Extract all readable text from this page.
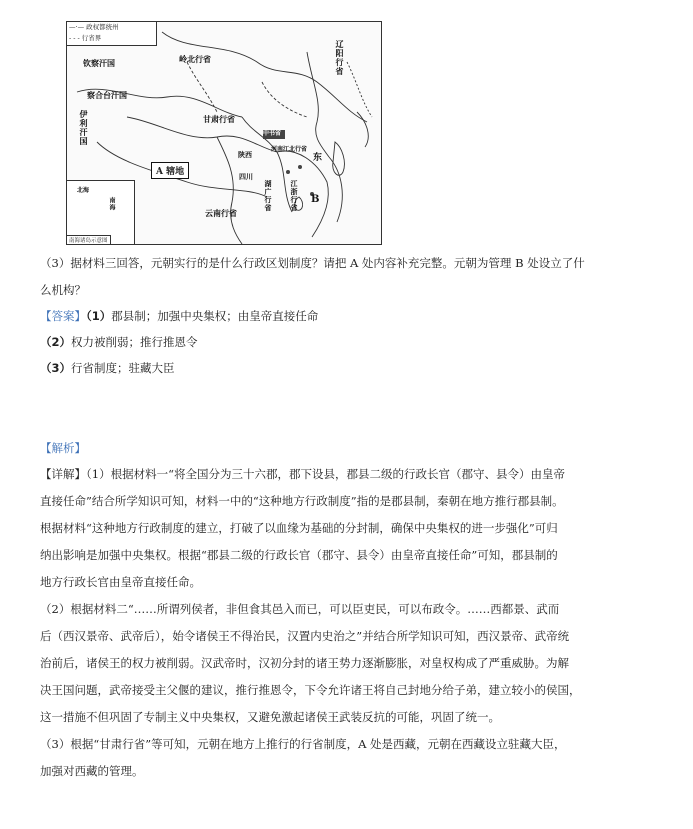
—·— 政权都统州
- - - 行省界
岭北行省
钦察汗国
察合台汗国
伊利汗国	甘肃行省
辽阳行省
中书省
陕西
四川
河南江北行省
云南行省
湖广行省 江浙行省
东
B
A 辖地
北海
南海
南海诸岛示意图
（3）据材料三回答，元朝实行的是什么行政区划制度？请把 A 处内容补充完整。元朝为管理 B 处设立了什
么机构？
【答案】（1）郡县制；加强中央集权；由皇帝直接任命
（2）权力被削弱；推行推恩令
（3）行省制度；驻藏大臣
【解析】
【详解】（1）根据材料一“将全国分为三十六郡，郡下设县，郡县二级的行政长官（郡守、县令）由皇帝
直接任命”结合所学知识可知，材料一中的“这种地方行政制度”指的是郡县制，秦朝在地方推行郡县制。
根据材料“这种地方行政制度的建立，打破了以血缘为基础的分封制，确保中央集权的进一步强化”可归
纳出影响是加强中央集权。根据“郡县二级的行政长官（郡守、县令）由皇帝直接任命”可知，郡县制的
地方行政长官由皇帝直接任命。
（2）根据材料二“……所谓列侯者，非但食其邑入而已，可以臣吏民，可以布政令。……西都景、武而
后（西汉景帝、武帝后），始令诸侯王不得治民，汉置内史治之”并结合所学知识可知，西汉景帝、武帝统
治前后，诸侯王的权力被削弱。汉武帝时，汉初分封的诸王势力逐渐膨胀，对皇权构成了严重威胁。为解
决王国问题，武帝接受主父偃的建议，推行推恩令，下令允许诸王将自己封地分给子弟，建立较小的侯国，
这一措施不但巩固了专制主义中央集权，又避免激起诸侯王武装反抗的可能，巩固了统一。
（3）根据“甘肃行省”等可知，元朝在地方上推行的行省制度，A 处是西藏，元朝在西藏设立驻藏大臣，
加强对西藏的管理。
